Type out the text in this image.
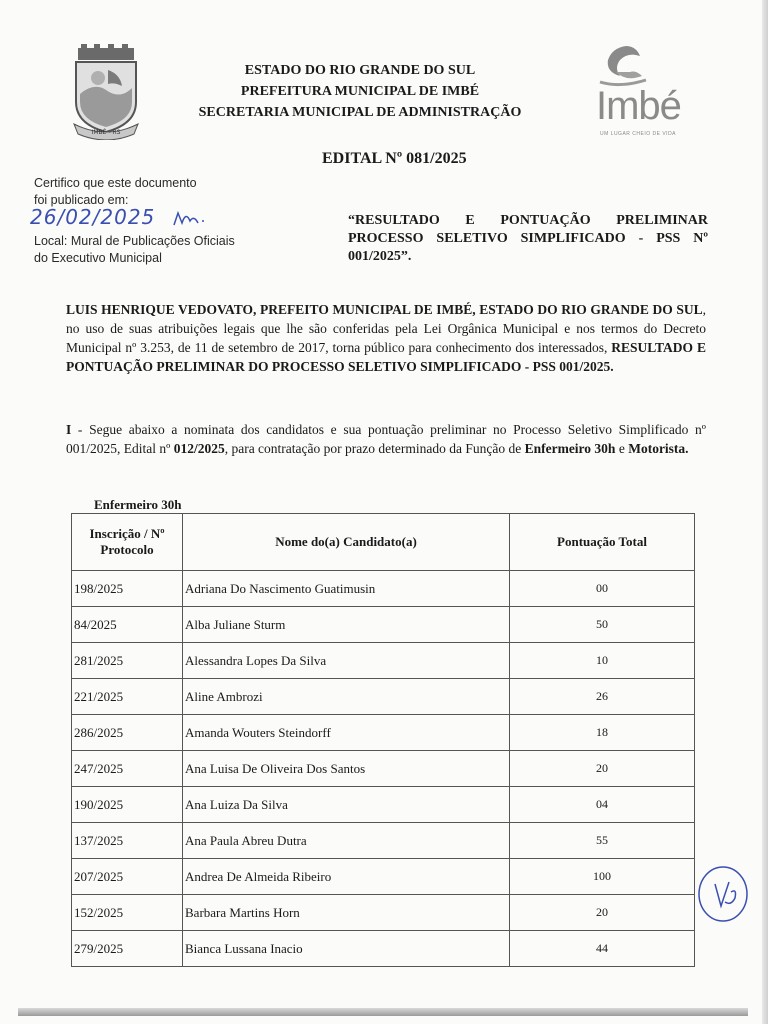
IMBÉ - RS
ESTADO DO RIO GRANDE DO SUL
PREFEITURA MUNICIPAL DE IMBÉ
SECRETARIA MUNICIPAL DE ADMINISTRAÇÃO	Imbé
UM LUGAR CHEIO DE VIDA
EDITAL Nº 081/2025
Certifico que este documento
foi publicado em:
26/02/2025
Local: Mural de Publicações Oficiais
do Executivo Municipal
“RESULTADO E PONTUAÇÃO PRELIMINAR PROCESSO SELETIVO SIMPLIFICADO - PSS Nº 001/2025”.
LUIS HENRIQUE VEDOVATO, PREFEITO MUNICIPAL DE IMBÉ, ESTADO DO RIO GRANDE DO SUL, no uso de suas atribuições legais que lhe são conferidas pela Lei Orgânica Municipal e nos termos do Decreto Municipal nº 3.253, de 11 de setembro de 2017, torna público para conhecimento dos interessados, RESULTADO E PONTUAÇÃO PRELIMINAR DO PROCESSO SELETIVO SIMPLIFICADO - PSS 001/2025.
I - Segue abaixo a nominata dos candidatos e sua pontuação preliminar no Processo Seletivo Simplificado nº 001/2025, Edital nº 012/2025, para contratação por prazo determinado da Função de Enfermeiro 30h e Motorista.
Enfermeiro 30h
Inscrição / Nº Protocolo	Nome do(a) Candidato(a)	Pontuação Total
198/2025	Adriana Do Nascimento Guatimusin	00
84/2025	Alba Juliane Sturm	50
281/2025	Alessandra Lopes Da Silva	10
221/2025	Aline Ambrozi	26
286/2025	Amanda Wouters Steindorff	18
247/2025	Ana Luisa De Oliveira Dos Santos	20
190/2025	Ana Luiza Da Silva	04
137/2025	Ana Paula Abreu Dutra	55
207/2025	Andrea De Almeida Ribeiro	100
152/2025	Barbara Martins Horn	20
279/2025	Bianca Lussana Inacio	44
